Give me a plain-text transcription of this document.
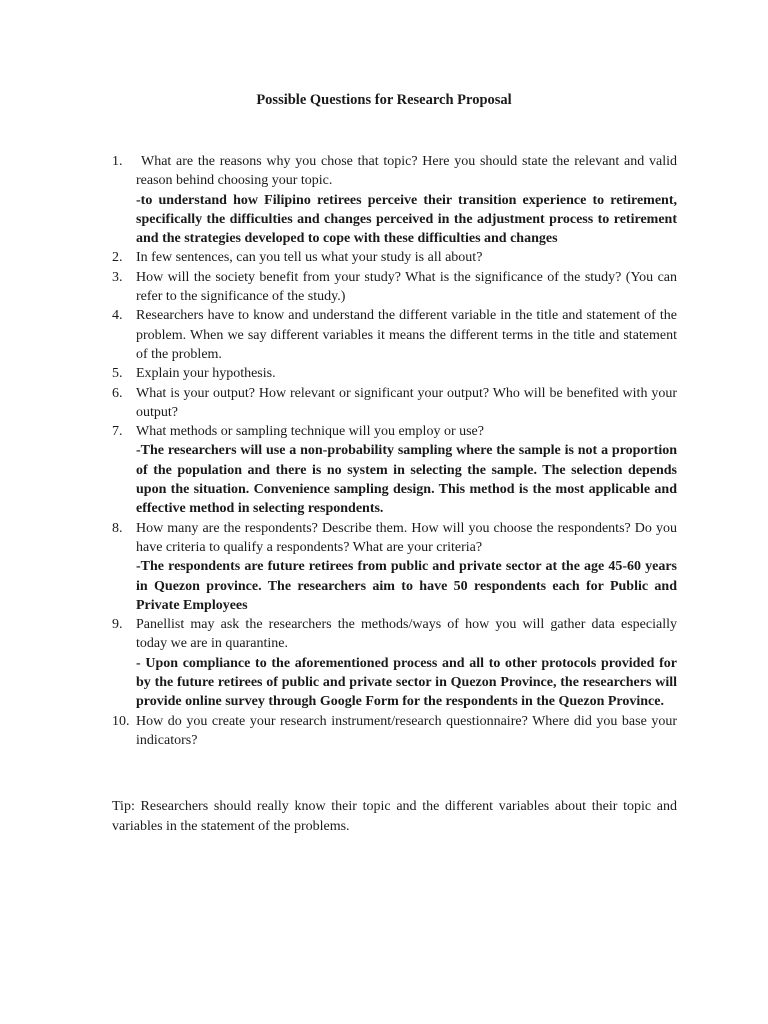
Possible Questions for Research Proposal
1.	What are the reasons why you chose that topic? Here you should state the relevant and valid reason behind choosing your topic.
-to understand how Filipino retirees perceive their transition experience to retirement, specifically the difficulties and changes perceived in the adjustment process to retirement and the strategies developed to cope with these difficulties and changes
2. In few sentences, can you tell us what your study is all about?
3. How will the society benefit from your study? What is the significance of the study? (You can refer to the significance of the study.)
4. Researchers have to know and understand the different variable in the title and statement of the problem. When we say different variables it means the different terms in the title and statement of the problem.
5. Explain your hypothesis.
6. What is your output? How relevant or significant your output? Who will be benefited with your output?
7. What methods or sampling technique will you employ or use?
-The researchers will use a non-probability sampling where the sample is not a proportion of the population and there is no system in selecting the sample. The selection depends upon the situation. Convenience sampling design. This method is the most applicable and effective method in selecting respondents.
8. How many are the respondents? Describe them. How will you choose the respondents? Do you have criteria to qualify a respondents? What are your criteria?
-The respondents are future retirees from public and private sector at the age 45-60 years in Quezon province. The researchers aim to have 50 respondents each for Public and Private Employees
9. Panellist may ask the researchers the methods/ways of how you will gather data especially today we are in quarantine.
- Upon compliance to the aforementioned process and all to other protocols provided for by the future retirees of public and private sector in Quezon Province, the researchers will provide online survey through Google Form for the respondents in the Quezon Province.
10. How do you create your research instrument/research questionnaire? Where did you base your indicators?

Tip: Researchers should really know their topic and the different variables about their topic and variables in the statement of the problems.
